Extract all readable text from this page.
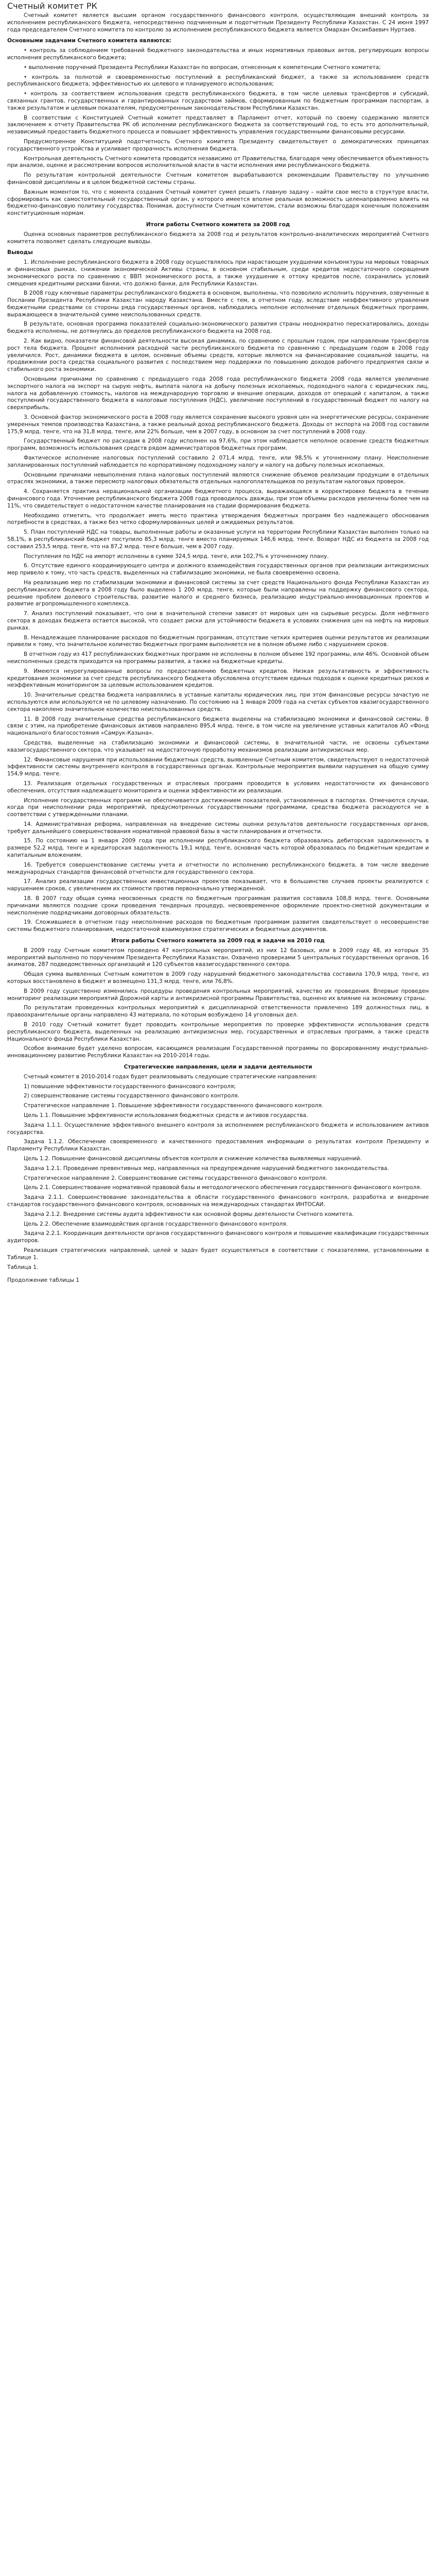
Счетный комитет РК
Счетный комитет является высшим органом государственного финансового контроля, осуществляющим внешний контроль за исполнением республиканского бюджета, непосредственно подчиненным и подотчетным Президенту Республики Казахстан. С 24 июня 1997 года председателем Счетного комитета по контролю за исполнением республиканского бюджета является Омархан Оксикбаевич Нуртаев.
Основными задачами Счетного комитета являются:
• контроль за соблюдением требований бюджетного законодательства и иных нормативных правовых актов, регулирующих вопросы исполнения республиканского бюджета;
• выполнение поручений Президента Республики Казахстан по вопросам, отнесенным к компетенции Счетного комитета;
• контроль за полнотой и своевременностью поступлений в республиканский бюджет, а также за использованием средств республиканского бюджета, эффективностью их целевого и планируемого использования;
• контроль за соответствием использования средств республиканского бюджета, в том числе целевых трансфертов и субсидий, связанных грантов, государственных и гарантированных государством займов, сформированным по бюджетным программам паспортам, а также результатом и целевым показателям, предусмотренным законодательством Республики Казахстан.
В соответствии с Конституцией Счетный комитет представляет в Парламент отчет, который по своему содержанию является заключением к отчету Правительства РК об исполнении республиканского бюджета за соответствующий год, то есть это дополнительный, независимый предоставить бюджетного процесса и повышает эффективность управления государственными финансовыми ресурсами.
Предусмотренное Конституцией подотчетность Счетного комитета Президенту свидетельствует о демократических принципах государственного устройства и усиливает прозрачность исполнения бюджета.
Контрольная деятельность Счетного комитета проводится независимо от Правительства, благодаря чему обеспечивается объективность при анализе, оценке и рассмотрении вопросов исполнительной власти в части исполнения ими республиканского бюджета.
По результатам контрольной деятельности Счетным комитетом вырабатываются рекомендации Правительству по улучшению финансовой дисциплины и в целом бюджетной системы страны.
Важным моментом то, что с момента создания Счетный комитет сумел решить главную задачу – найти свое место в структуре власти, сформировать как самостоятельный государственный орган, у которого имеется вполне реальная возможность целенаправленно влиять на бюджетно-финансовую политику государства. Понимая, доступности Счетным комитетом, стали возможны благодаря конечным положениям конституционным нормам.
Итоги работы Счетного комитета за 2008 год
Оценка основных параметров республиканского бюджета за 2008 год и результатов контрольно-аналитических мероприятий Счетного комитета позволяет сделать следующие выводы.
Выводы
1. Исполнение республиканского бюджета в 2008 году осуществлялось при нарастающем ухудшении конъюнктуры на мировых товарных и финансовых рынках, снижении экономической Активы страны, в основном стабильным, среди кредитов недостаточного сокращения экономического роста по сравнению с ВВП экономического роста, а также ухудшение к оттоку кредитов после, сохранились условий смещения кредитными рисками банки, что должно банки, для Республики Казахстан.
В 2008 году ключевые параметры республиканского бюджета в основном, выполнены, что позволило исполнить поручения, озвученные в Послании Президента Республики Казахстан народу Казахстана. Вместе с тем, в отчетном году, вследствие неэффективного управления бюджетными средствами со стороны ряда государственных органов, наблюдались неполное исполнение отдельных бюджетных программ, выражающееся в значительной сумме неиспользованных средств.
В результате, основная программа показателей социально-экономического развития страны неоднократно перескатировались, доходы бюджета исполнены, не дотянулись до пределов республиканского бюджета на 2008 год.
2. Как видно, показатели финансовой деятельности высокая динамика, по сравнению с прошлым годом, при направлении трансфертов рост тела бюджета. Процент исполнения расходной части республиканского бюджета по сравнению с предыдущим годом в 2008 году увеличился. Рост, динамики бюджета в целом, основные объемы средств, которые являются на финансирование социальной защиты, на продвижении роста средства социального развития с последствием мер поддержки по повышению доходов рабочего предприятия связи и стабильного роста экономики.
Основными причинами по сравнению с предыдущего года 2008 года республиканского бюджета 2008 года является увеличение экспортного налога на экспорт на сырую нефть, выплата налога на добычу полезных ископаемых, подоходного налога с юридических лиц, налога на добавленную стоимость, налогов на международную торговлю и внешние операции, доходов от операций с капиталом, а также поступлений государственного бюджета в налоговые поступления (НДС), увеличение поступлений в государственный бюджет по налогу на сверхприбыль.
3. Основной фактор экономического роста в 2008 году является сохранение высокого уровня цен на энергетические ресурсы, сохранение умеренных темпов производства Казахстана, а также реальный доход республиканского бюджета. Доходы от экспорта на 2008 год составили 175,9 млрд. тенге, что на 31,8 млрд. тенге, или 22% больше, чем в 2007 году, в основном за счет поступлений в 2008 году.
Государственный бюджет по расходам в 2008 году исполнен на 97,6%, при этом наблюдается неполное освоение средств бюджетных программ, возможность использования средств рядом администраторов бюджетных программ.
Фактическое исполнение налоговых поступлений составило 2 071,4 млрд. тенге, или 98,5% к уточненному плану. Неисполнение запланированных поступлений наблюдается по корпоративному подоходному налогу и налогу на добычу полезных ископаемых.
Основными причинами невыполнения плана налоговых поступлений являются снижение объемов реализации продукции в отдельных отраслях экономики, а также пересмотр налоговых обязательств отдельных налогоплательщиков по результатам налоговых проверок.
4. Сохраняется практика нерациональной организации бюджетного процесса, выражающаяся в корректировке бюджета в течение финансового года. Уточнение республиканского бюджета 2008 года проводилось дважды, при этом объемы расходов увеличены более чем на 11%, что свидетельствует о недостаточном качестве планирования на стадии формирования бюджета.
Необходимо отметить, что продолжает иметь место практика утверждения бюджетных программ без надлежащего обоснования потребности в средствах, а также без четко сформулированных целей и ожидаемых результатов.
5. План поступлений НДС на товары, выполненные работы и оказанные услуги на территории Республики Казахстан выполнен только на 58,1%, в республиканский бюджет поступило 85,3 млрд. тенге вместо планируемых 146,6 млрд. тенге. Возврат НДС из бюджета за 2008 год составил 253,5 млрд. тенге, что на 87,2 млрд. тенге больше, чем в 2007 году.
Поступления по НДС на импорт исполнены в сумме 324,5 млрд. тенге, или 102,7% к уточненному плану.
6. Отсутствие единого координирующего центра и должного взаимодействия государственных органов при реализации антикризисных мер привело к тому, что часть средств, выделенных на стабилизацию экономики, не была своевременно освоена.
На реализацию мер по стабилизации экономики и финансовой системы за счет средств Национального фонда Республики Казахстан из республиканского бюджета в 2008 году было выделено 1 200 млрд. тенге, которые были направлены на поддержку финансового сектора, решение проблем долевого строительства, развитие малого и среднего бизнеса, реализацию индустриально-инновационных проектов и развитие агропромышленного комплекса.
7. Анализ поступлений показывает, что они в значительной степени зависят от мировых цен на сырьевые ресурсы. Доля нефтяного сектора в доходах бюджета остается высокой, что создает риски для устойчивости бюджета в условиях снижения цен на нефть на мировых рынках.
8. Ненадлежащее планирование расходов по бюджетным программам, отсутствие четких критериев оценки результатов их реализации привели к тому, что значительное количество бюджетных программ выполняется не в полном объеме либо с нарушением сроков.
В отчетном году из 417 республиканских бюджетных программ не исполнены в полном объеме 192 программы, или 46%. Основной объем неисполненных средств приходится на программы развития, а также на бюджетные кредиты.
9. Имеются неурегулированные вопросы по предоставлению бюджетных кредитов. Низкая результативность и эффективность кредитования экономики за счет средств республиканского бюджета обусловлена отсутствием единых подходов к оценке кредитных рисков и неэффективным мониторингом за целевым использованием кредитов.
10. Значительные средства бюджета направлялись в уставные капиталы юридических лиц, при этом финансовые ресурсы зачастую не используются или используются не по целевому назначению. По состоянию на 1 января 2009 года на счетах субъектов квазигосударственного сектора накоплено значительное количество неиспользованных средств.
11. В 2008 году значительные средства республиканского бюджета выделены на стабилизацию экономики и финансовой системы. В связи с этим, на приобретение финансовых активов направлено 895,4 млрд. тенге, в том числе на увеличение уставных капиталов АО «Фонд национального благосостояния «Самрук-Казына».
Средства, выделенные на стабилизацию экономики и финансовой системы, в значительной части, не освоены субъектами квазигосударственного сектора, что указывает на недостаточную проработку механизмов реализации антикризисных мер.
12. Финансовые нарушения при использовании бюджетных средств, выявленные Счетным комитетом, свидетельствуют о недостаточной эффективности системы внутреннего контроля в государственных органах. Контрольные мероприятия выявили нарушения на общую сумму 154,9 млрд. тенге.
13. Реализация отдельных государственных и отраслевых программ проводится в условиях недостаточности их финансового обеспечения, отсутствия надлежащего мониторинга и оценки эффективности их реализации.
Исполнение государственных программ не обеспечивается достижением показателей, установленных в паспортах. Отмечаются случаи, когда при неисполнении ряда мероприятий, предусмотренных государственными программами, средства бюджета расходуются не в соответствии с утвержденными планами.
14. Административная реформа, направленная на внедрение системы оценки результатов деятельности государственных органов, требует дальнейшего совершенствования нормативной правовой базы в части планирования и отчетности.
15. По состоянию на 1 января 2009 года при исполнении республиканского бюджета образовались дебиторская задолженность в размере 52,2 млрд. тенге и кредиторская задолженность 19,1 млрд. тенге, основная часть которой образовалась по бюджетным кредитам и капитальным вложениям.
16. Требуется совершенствование системы учета и отчетности по исполнению республиканского бюджета, в том числе введение международных стандартов финансовой отчетности для государственного сектора.
17. Анализ реализации государственных инвестиционных проектов показывает, что в большинстве случаев проекты реализуются с нарушением сроков, с увеличением их стоимости против первоначально утвержденной.
18. В 2007 году общая сумма неосвоенных средств по бюджетным программам развития составила 108,8 млрд. тенге. Основными причинами являются поздние сроки проведения тендерных процедур, несвоевременное оформление проектно-сметной документации и неисполнение подрядчиками договорных обязательств.
19. Сложившиеся в отчетном году неисполнение расходов по бюджетным программам развития свидетельствует о несовершенстве системы бюджетного планирования, недостаточной взаимоувязке стратегических и бюджетных документов.
Итоги работы Счетного комитета за 2009 год и задачи на 2010 год
В 2009 году Счетным комитетом проведено 47 контрольных мероприятий, из них 12 базовых, или в 2009 году 48, из которых 35 мероприятий выполнено по поручениям Президента Республики Казахстан. Охвачено проверками 5 центральных государственных органов, 16 акиматов, 287 подведомственных организаций и 120 субъектов квазигосударственного сектора.
Общая сумма выявленных Счетным комитетом в 2009 году нарушений бюджетного законодательства составила 170,9 млрд. тенге, из которых восстановлено в бюджет и возмещено 131,3 млрд. тенге, или 76,8%.
В 2009 году существенно изменились процедуры проведения контрольных мероприятий, качество их проведения. Впервые проведен мониторинг реализации мероприятий Дорожной карты и антикризисной программы Правительства, оценено их влияние на экономику страны.
По результатам проведенных контрольных мероприятий к дисциплинарной ответственности привлечено 189 должностных лиц, в правоохранительные органы направлено 43 материала, по которым возбуждено 14 уголовных дел.
В 2010 году Счетный комитет будет проводить контрольные мероприятия по проверке эффективности использования средств республиканского бюджета, выделенных на реализацию антикризисных мер, государственных и отраслевых программ, а также средств Национального фонда Республики Казахстан.
Особое внимание будет уделено вопросам, касающимся реализации Государственной программы по форсированному индустриально-инновационному развитию Республики Казахстан на 2010-2014 годы.
Стратегические направления, цели и задачи деятельности
Счетный комитет в 2010-2014 годах будет реализовывать следующие стратегические направления:
1) повышение эффективности государственного финансового контроля;
2) совершенствование системы государственного финансового контроля.
Стратегическое направление 1. Повышение эффективности государственного финансового контроля.
Цель 1.1. Повышение эффективности использования бюджетных средств и активов государства.
Задача 1.1.1. Осуществление эффективного внешнего контроля за исполнением республиканского бюджета и использованием активов государства.
Задача 1.1.2. Обеспечение своевременного и качественного предоставления информации о результатах контроля Президенту и Парламенту Республики Казахстан.
Цель 1.2. Повышение финансовой дисциплины объектов контроля и снижение количества выявляемых нарушений.
Задача 1.2.1. Проведение превентивных мер, направленных на предупреждение нарушений бюджетного законодательства.
Стратегическое направление 2. Совершенствование системы государственного финансового контроля.
Цель 2.1. Совершенствование нормативной правовой базы и методологического обеспечения государственного финансового контроля.
Задача 2.1.1. Совершенствование законодательства в области государственного финансового контроля, разработка и внедрение стандартов государственного финансового контроля, основанных на международных стандартах ИНТОСАИ.
Задача 2.1.2. Внедрение системы аудита эффективности как основной формы деятельности Счетного комитета.
Цель 2.2. Обеспечение взаимодействия органов государственного финансового контроля.
Задача 2.2.1. Координация деятельности органов государственного финансового контроля и повышение квалификации государственных аудиторов.
Реализация стратегических направлений, целей и задач будет осуществляться в соответствии с показателями, установленными в Таблице 1.
Таблица 1.
Продолжение таблицы 1
